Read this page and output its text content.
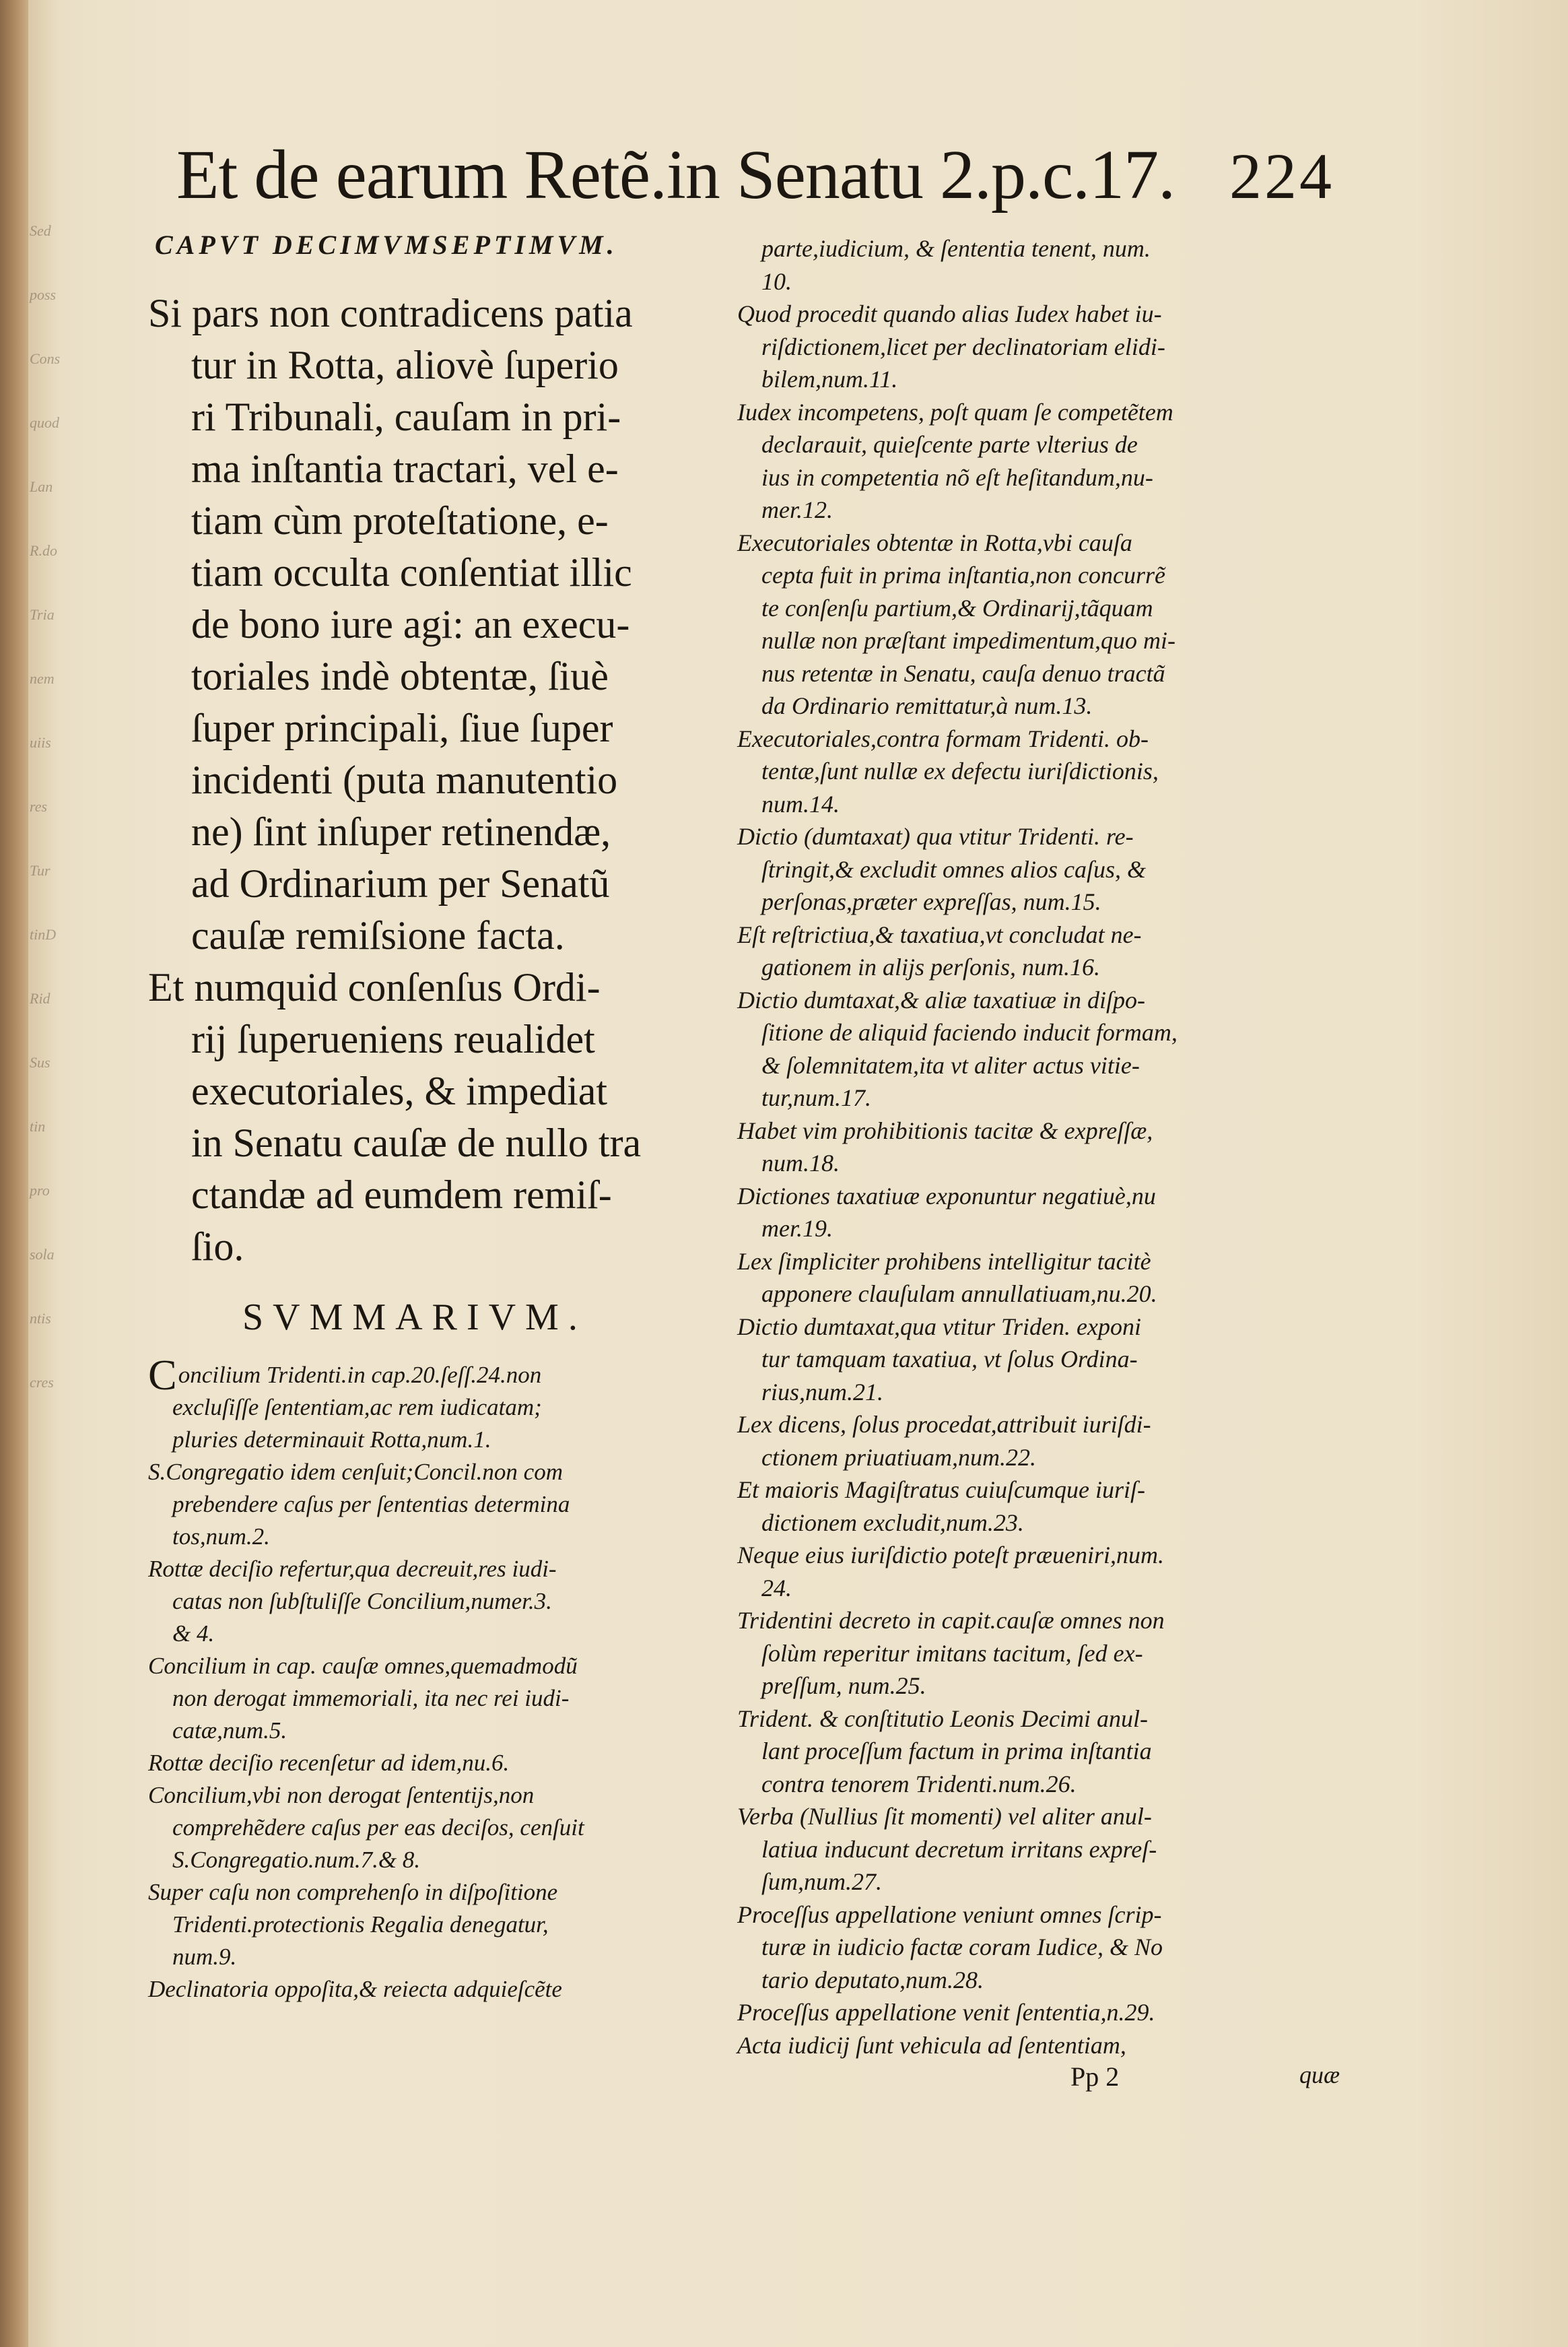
Sed
poss
Cons
quod
Lan
R.do
Tria
nem
uiis
res
Tur
tinD
Rid
Sus
tin
pro
sola
ntis
cres
Et de earum Retẽ.in Senatu 2.p.c.17. 224
CAPVT DECIMVMSEPTIMVM.

Si pars non contradicens patia

tur in Rotta, aliovè ſuperio

ri Tribunali, cauſam in pri-

ma inſtantia tractari, vel e-

tiam cùm proteſtatione, e-

tiam occulta conſentiat illic

de bono iure agi: an execu-

toriales indè obtentæ, ſiuè

ſuper principali, ſiue ſuper

incidenti (puta manutentio

ne) ſint inſuper retinendæ,

ad Ordinarium per Senatũ

cauſæ remiſsione facta.

Et numquid conſenſus Ordi-

rij ſuperueniens reualidet

executoriales, & impediat

in Senatu cauſæ de nullo tra

ctandæ ad eumdem remiſ-

ſio.

SVMMARIVM.
Concilium Tridenti.in cap.20.ſeſſ.24.non
excluſiſſe ſententiam,ac rem iudicatam;
pluries determinauit Rotta,num.1.
S.Congregatio idem cenſuit;Concil.non com
prebendere caſus per ſententias determina
tos,num.2.
Rottæ deciſio refertur,qua decreuit,res iudi-
catas non ſubſtuliſſe Concilium,numer.3.
& 4.
Concilium in cap. cauſæ omnes,quemadmodũ
non derogat immemoriali, ita nec rei iudi-
catæ,num.5.
Rottæ deciſio recenſetur ad idem,nu.6.
Concilium,vbi non derogat ſententijs,non
comprehẽdere caſus per eas deciſos, cenſuit
S.Congregatio.num.7.& 8.
Super caſu non comprehenſo in diſpoſitione
Tridenti.protectionis Regalia denegatur,
num.9.
Declinatoria oppoſita,& reiecta adquieſcẽte
parte,iudicium, & ſententia tenent, num.
10.
Quod procedit quando alias Iudex habet iu-
riſdictionem,licet per declinatoriam elidi-
bilem,num.11.
Iudex incompetens, poſt quam ſe competẽtem
declarauit, quieſcente parte vlterius de
ius in competentia nõ eſt heſitandum,nu-
mer.12.
Executoriales obtentæ in Rotta,vbi cauſa
cepta fuit in prima inſtantia,non concurrẽ
te conſenſu partium,& Ordinarij,tãquam
nullæ non præſtant impedimentum,quo mi-
nus retentæ in Senatu, cauſa denuo tractã
da Ordinario remittatur,à num.13.
Executoriales,contra formam Tridenti. ob-
tentæ,ſunt nullæ ex defectu iuriſdictionis,
num.14.
Dictio (dumtaxat) qua vtitur Tridenti. re-
ſtringit,& excludit omnes alios caſus, &
perſonas,præter expreſſas, num.15.
Eſt reſtrictiua,& taxatiua,vt concludat ne-
gationem in alijs perſonis, num.16.
Dictio dumtaxat,& aliæ taxatiuæ in diſpo-
ſitione de aliquid faciendo inducit formam,
& ſolemnitatem,ita vt aliter actus vitie-
tur,num.17.
Habet vim prohibitionis tacitæ & expreſſæ,
num.18.
Dictiones taxatiuæ exponuntur negatiuè,nu
mer.19.
Lex ſimpliciter prohibens intelligitur tacitè
apponere clauſulam annullatiuam,nu.20.
Dictio dumtaxat,qua vtitur Triden. exponi
tur tamquam taxatiua, vt ſolus Ordina-
rius,num.21.
Lex dicens, ſolus procedat,attribuit iuriſdi-
ctionem priuatiuam,num.22.
Et maioris Magiſtratus cuiuſcumque iuriſ-
dictionem excludit,num.23.
Neque eius iuriſdictio poteſt præueniri,num.
24.
Tridentini decreto in capit.cauſæ omnes non
ſolùm reperitur imitans tacitum, ſed ex-
preſſum, num.25.
Trident. & conſtitutio Leonis Decimi anul-
lant proceſſum factum in prima inſtantia
contra tenorem Tridenti.num.26.
Verba (Nullius ſit momenti) vel aliter anul-
latiua inducunt decretum irritans expreſ-
ſum,num.27.
Proceſſus appellatione veniunt omnes ſcrip-
turæ in iudicio factæ coram Iudice, & No
tario deputato,num.28.
Proceſſus appellatione venit ſententia,n.29.
Acta iudicij ſunt vehicula ad ſententiam,
Pp 2	quæ
